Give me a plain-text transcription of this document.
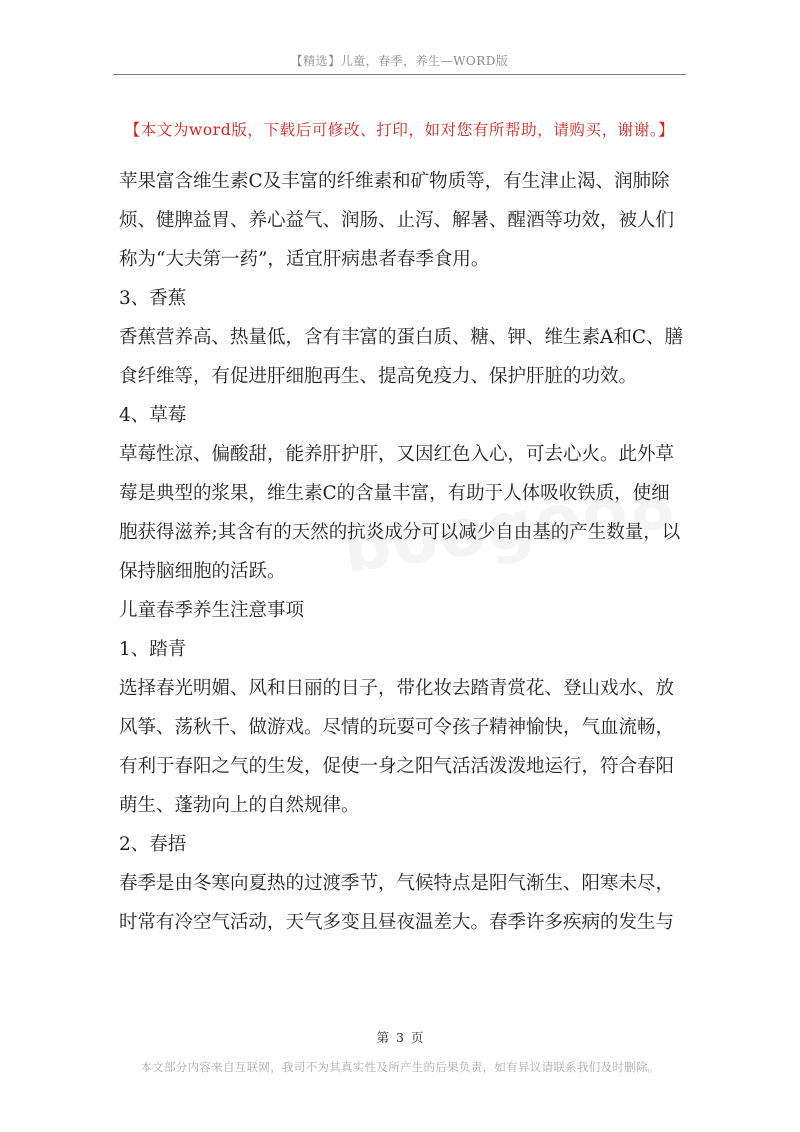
【精选】儿童，春季，养生—WORD版
【本文为word版，下载后可修改、打印，如对您有所帮助，请购买，谢谢。】

苹果富含维生素C及丰富的纤维素和矿物质等，有生津止渴、润肺除烦、健脾益胃、养心益气、润肠、止泻、解暑、醒酒等功效，被人们称为“大夫第一药”，适宜肝病患者春季食用。

3、香蕉

香蕉营养高、热量低，含有丰富的蛋白质、糖、钾、维生素A和C、膳食纤维等，有促进肝细胞再生、提高免疫力、保护肝脏的功效。

4、草莓

草莓性凉、偏酸甜，能养肝护肝，又因红色入心，可去心火。此外草莓是典型的浆果，维生素C的含量丰富，有助于人体吸收铁质，使细胞获得滋养;其含有的天然的抗炎成分可以减少自由基的产生数量，以保持脑细胞的活跃。

儿童春季养生注意事项

1、踏青

选择春光明媚、风和日丽的日子，带化妆去踏青赏花、登山戏水、放风筝、荡秋千、做游戏。尽情的玩耍可令孩子精神愉快，气血流畅，有利于春阳之气的生发，促使一身之阳气活活泼泼地运行，符合春阳萌生、蓬勃向上的自然规律。

2、春捂

春季是由冬寒向夏热的过渡季节，气候特点是阳气渐生、阳寒未尽，时常有冷空气活动，天气多变且昼夜温差大。春季许多疾病的发生与

第 3 页
本文部分内容来自互联网，我司不为其真实性及所产生的后果负责，如有异议请联系我们及时删除。
